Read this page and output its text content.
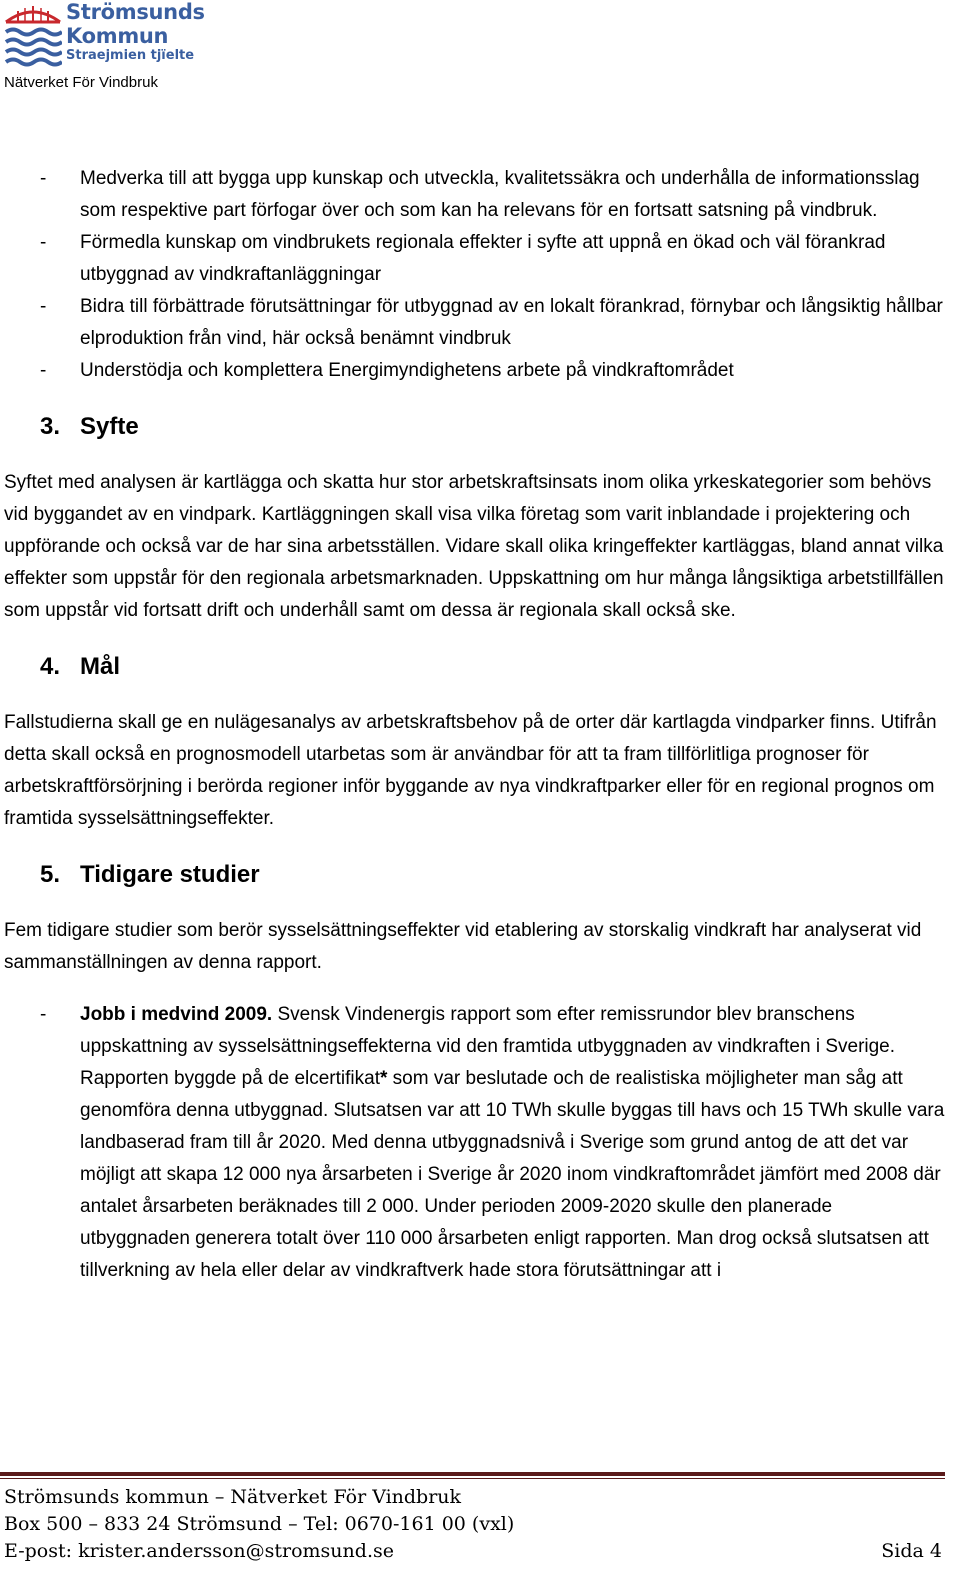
Strömsunds
Kommun
Straejmien tjïelte
Nätverket För Vindbruk
- Medverka till att bygga upp kunskap och utveckla, kvalitetssäkra och underhålla de informationsslag som respektive part förfogar över och som kan ha relevans för en fortsatt satsning på vindbruk.
- Förmedla kunskap om vindbrukets regionala effekter i syfte att uppnå en ökad och väl förankrad utbyggnad av vindkraftanläggningar
- Bidra till förbättrade förutsättningar för utbyggnad av en lokalt förankrad, förnybar och långsiktig hållbar elproduktion från vind, här också benämnt vindbruk
- Understödja och komplettera Energimyndighetens arbete på vindkraftområdet
3. Syfte

Syftet med analysen är kartlägga och skatta hur stor arbetskraftsinsats inom olika yrkeskategorier som behövs vid byggandet av en vindpark. Kartläggningen skall visa vilka företag som varit inblandade i projektering och uppförande och också var de har sina arbetsställen. Vidare skall olika kringeffekter kartläggas, bland annat vilka effekter som uppstår för den regionala arbetsmarknaden. Uppskattning om hur många långsiktiga arbetstillfällen som uppstår vid fortsatt drift och underhåll samt om dessa är regionala skall också ske.

4. Mål

Fallstudierna skall ge en nulägesanalys av arbetskraftsbehov på de orter där kartlagda vindparker finns. Utifrån detta skall också en prognosmodell utarbetas som är användbar för att ta fram tillförlitliga prognoser för arbetskraftförsörjning i berörda regioner inför byggande av nya vindkraftparker eller för en regional prognos om framtida sysselsättningseffekter.

5. Tidigare studier

Fem tidigare studier som berör sysselsättningseffekter vid etablering av storskalig vindkraft har analyserat vid sammanställningen av denna rapport.

- Jobb i medvind 2009. Svensk Vindenergis rapport som efter remissrundor blev branschens uppskattning av sysselsättningseffekterna vid den framtida utbyggnaden av vindkraften i Sverige. Rapporten byggde på de elcertifikat* som var beslutade och de realistiska möjligheter man såg att genomföra denna utbyggnad. Slutsatsen var att 10 TWh skulle byggas till havs och 15 TWh skulle vara landbaserad fram till år 2020. Med denna utbyggnadsnivå i Sverige som grund antog de att det var möjligt att skapa 12 000 nya årsarbeten i Sverige år 2020 inom vindkraftområdet jämfört med 2008 där antalet årsarbeten beräknades till 2 000. Under perioden 2009-2020 skulle den planerade utbyggnaden generera totalt över 110 000 årsarbeten enligt rapporten. Man drog också slutsatsen att tillverkning av hela eller delar av vindkraftverk hade stora förutsättningar att i
Strömsunds kommun – Nätverket För Vindbruk
Box 500 – 833 24 Strömsund – Tel: 0670-161 00 (vxl)
E-post: krister.andersson@stromsund.se	Sida 4
